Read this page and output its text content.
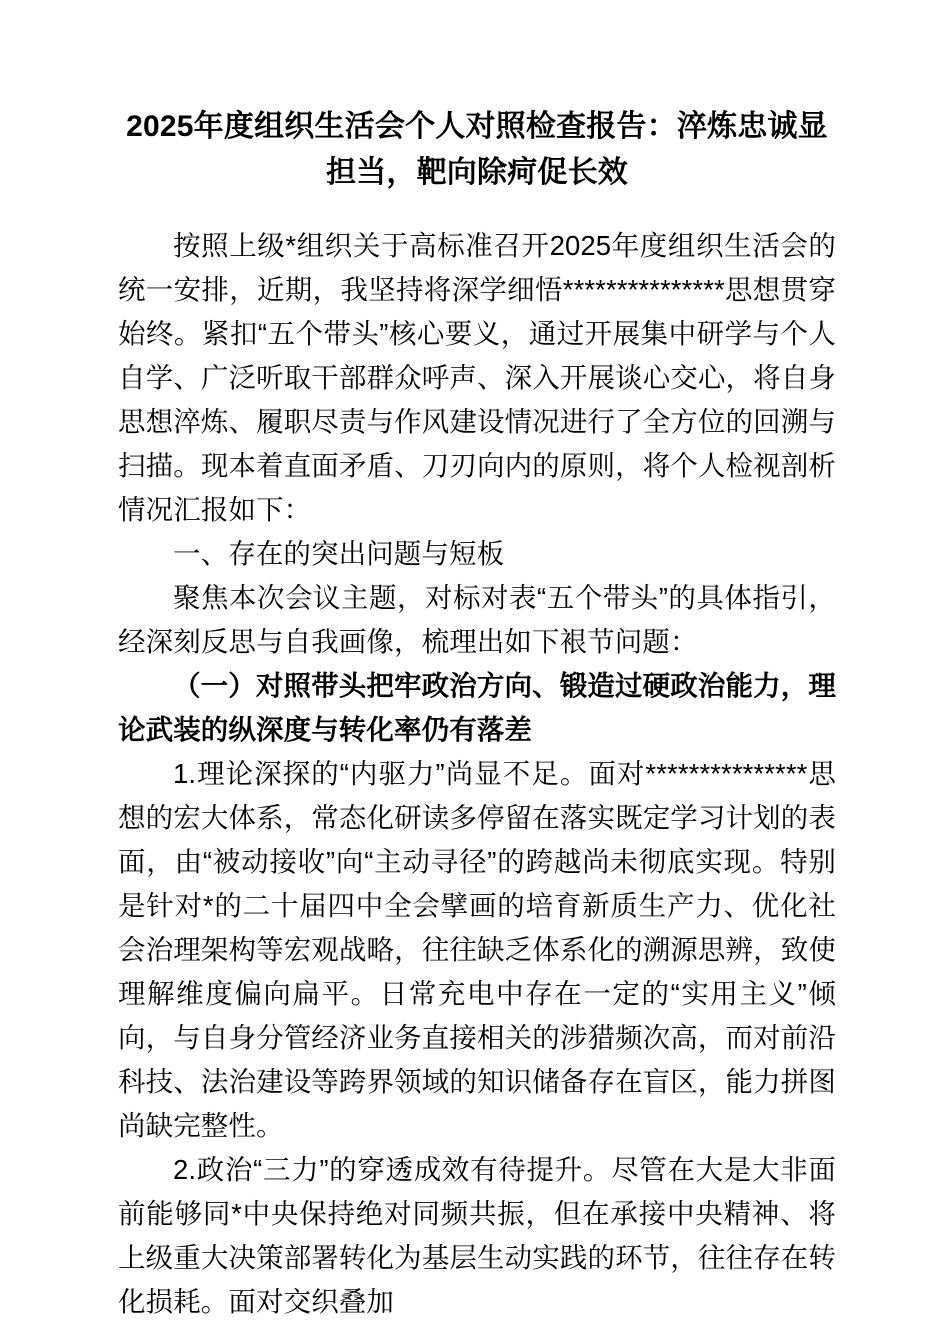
2025年度组织生活会个人对照检查报告：淬炼忠诚显担当，靶向除疴促长效

按照上级*组织关于高标准召开2025年度组织生活会的统一安排，近期，我坚持将深学细悟***************思想贯穿始终。紧扣“五个带头”核心要义，通过开展集中研学与个人自学、广泛听取干部群众呼声、深入开展谈心交心，将自身思想淬炼、履职尽责与作风建设情况进行了全方位的回溯与扫描。现本着直面矛盾、刀刃向内的原则，将个人检视剖析情况汇报如下：

一、存在的突出问题与短板

聚焦本次会议主题，对标对表“五个带头”的具体指引，经深刻反思与自我画像，梳理出如下裉节问题：

（一）对照带头把牢政治方向、锻造过硬政治能力，理论武装的纵深度与转化率仍有落差

1.理论深探的“内驱力”尚显不足。面对***************思想的宏大体系，常态化研读多停留在落实既定学习计划的表面，由“被动接收”向“主动寻径”的跨越尚未彻底实现。特别是针对*的二十届四中全会擘画的培育新质生产力、优化社会治理架构等宏观战略，往往缺乏体系化的溯源思辨，致使理解维度偏向扁平。日常充电中存在一定的“实用主义”倾向，与自身分管经济业务直接相关的涉猎频次高，而对前沿科技、法治建设等跨界领域的知识储备存在盲区，能力拼图尚缺完整性。

2.政治“三力”的穿透成效有待提升。尽管在大是大非面前能够同*中央保持绝对同频共振，但在承接中央精神、将上级重大决策部署转化为基层生动实践的环节，往往存在转化损耗。面对交织叠加
